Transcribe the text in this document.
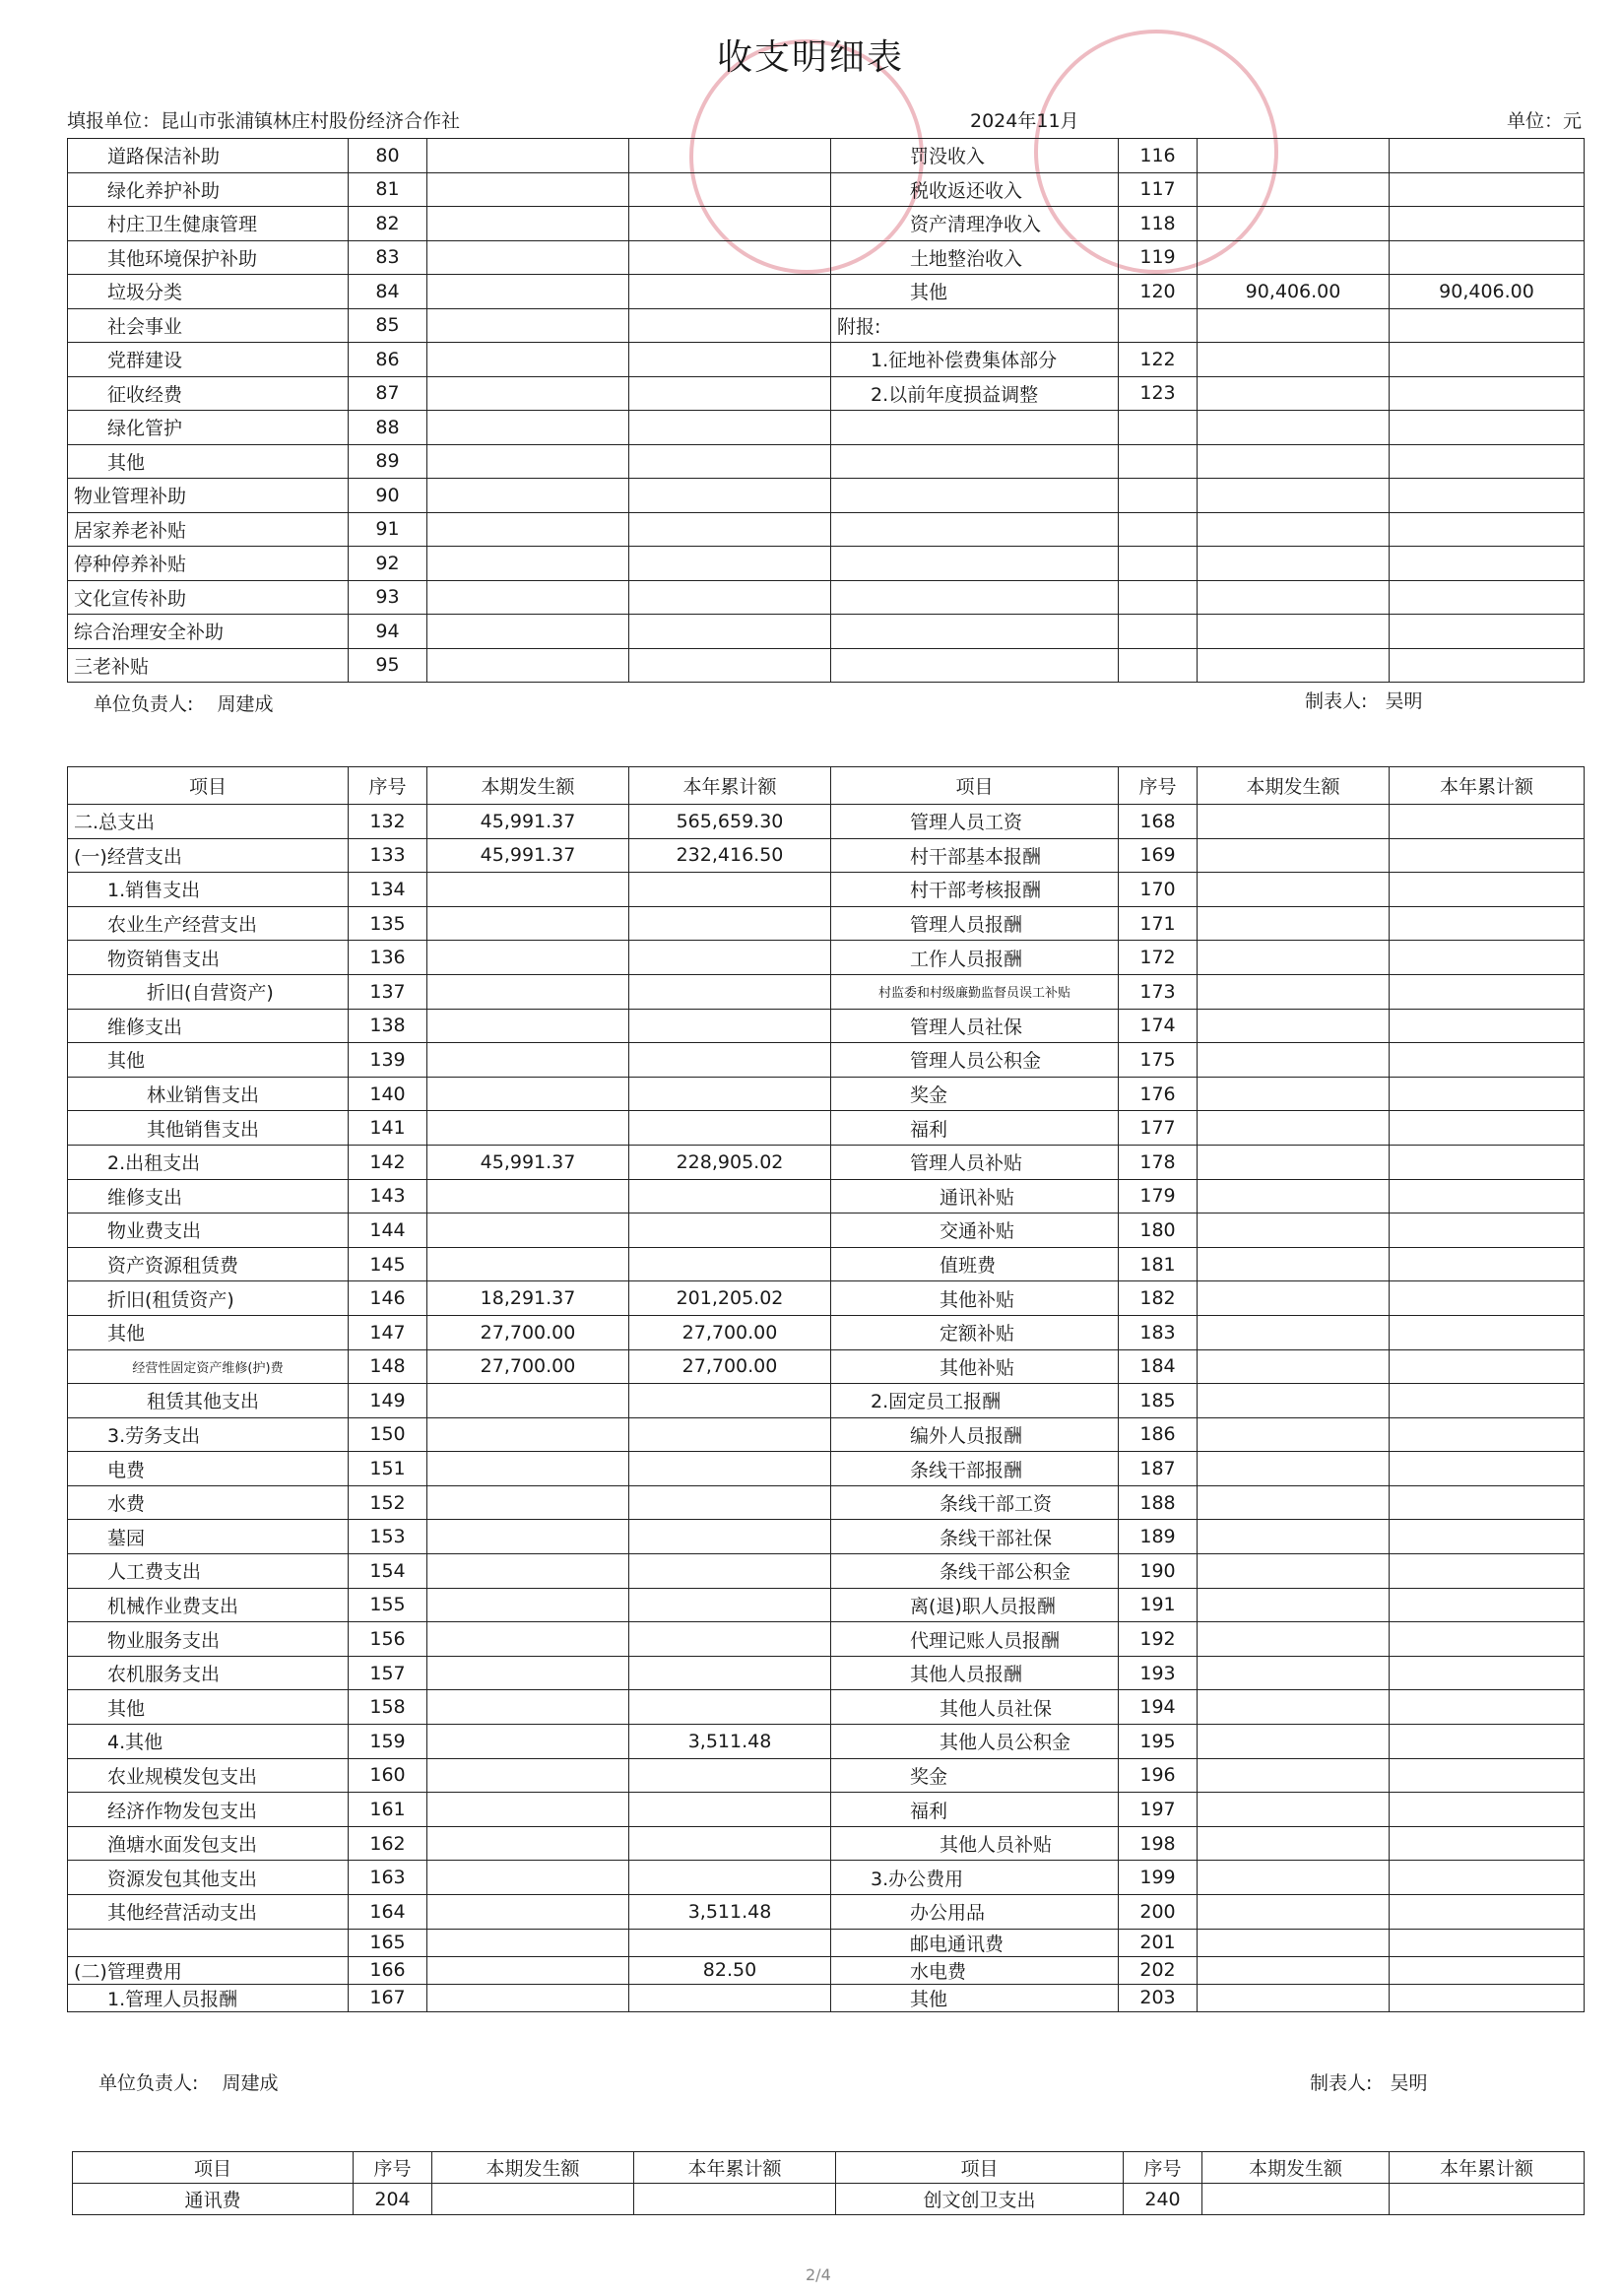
收支明细表
填报单位：昆山市张浦镇林庄村股份经济合作社	2024年11月	单位：元
道路保洁补助	80			罚没收入	116		
绿化养护补助	81			税收返还收入	117		
村庄卫生健康管理	82			资产清理净收入	118		
其他环境保护补助	83			土地整治收入	119		
垃圾分类	84			其他	120	90,406.00	90,406.00
社会事业	85			附报:			
党群建设	86			1.征地补偿费集体部分	122		
征收经费	87			2.以前年度损益调整	123		
绿化管护	88						
其他	89						
物业管理补助	90						
居家养老补贴	91						
停种停养补贴	92						
文化宣传补助	93						
综合治理安全补助	94						
三老补贴	95						
单位负责人:    周建成	制表人:   吴明
项目	序号	本期发生额	本年累计额	项目	序号	本期发生额	本年累计额
二.总支出	132	45,991.37	565,659.30	管理人员工资	168		
(一)经营支出	133	45,991.37	232,416.50	村干部基本报酬	169		
1.销售支出	134			村干部考核报酬	170		
农业生产经营支出	135			管理人员报酬	171		
物资销售支出	136			工作人员报酬	172		
折旧(自营资产)	137			村监委和村级廉勤监督员误工补贴	173		
维修支出	138			管理人员社保	174		
其他	139			管理人员公积金	175		
林业销售支出	140			奖金	176		
其他销售支出	141			福利	177		
2.出租支出	142	45,991.37	228,905.02	管理人员补贴	178		
维修支出	143			通讯补贴	179		
物业费支出	144			交通补贴	180		
资产资源租赁费	145			值班费	181		
折旧(租赁资产)	146	18,291.37	201,205.02	其他补贴	182		
其他	147	27,700.00	27,700.00	定额补贴	183		
经营性固定资产维修(护)费	148	27,700.00	27,700.00	其他补贴	184		
租赁其他支出	149			2.固定员工报酬	185		
3.劳务支出	150			编外人员报酬	186		
电费	151			条线干部报酬	187		
水费	152			条线干部工资	188		
墓园	153			条线干部社保	189		
人工费支出	154			条线干部公积金	190		
机械作业费支出	155			离(退)职人员报酬	191		
物业服务支出	156			代理记账人员报酬	192		
农机服务支出	157			其他人员报酬	193		
其他	158			其他人员社保	194		
4.其他	159		3,511.48	其他人员公积金	195		
农业规模发包支出	160			奖金	196		
经济作物发包支出	161			福利	197		
渔塘水面发包支出	162			其他人员补贴	198		
资源发包其他支出	163			3.办公费用	199		
其他经营活动支出	164		3,511.48	办公用品	200		
	165			邮电通讯费	201		
(二)管理费用	166		82.50	水电费	202		
1.管理人员报酬	167			其他	203		
单位负责人:    周建成	制表人:   吴明
项目	序号	本期发生额	本年累计额	项目	序号	本期发生额	本年累计额
通讯费	204			创文创卫支出	240		
2/4
